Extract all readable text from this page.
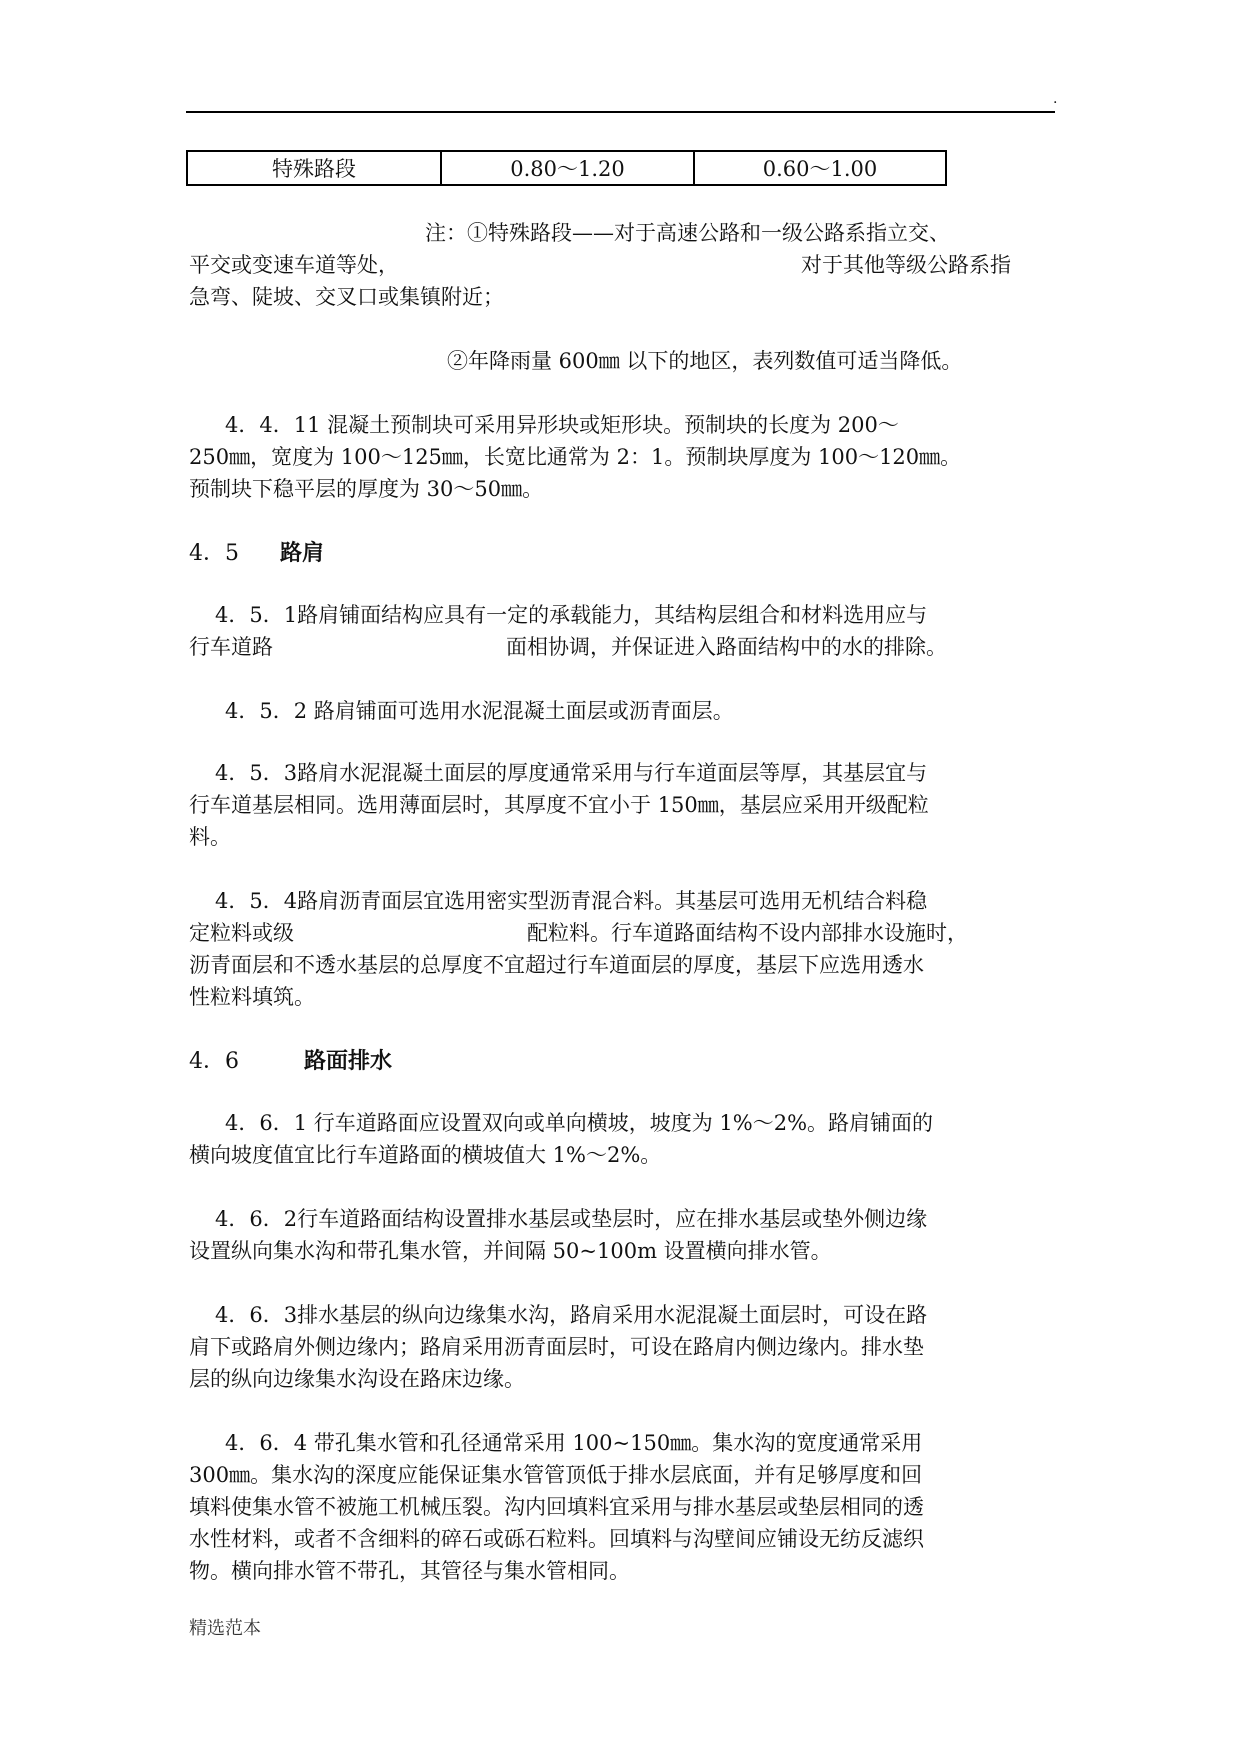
.
特殊路段	0.80～1.20	0.60～1.00
注：①特殊路段——对于高速公路和一级公路系指立交、
平交或变速车道等处，	对于其他等级公路系指
急弯、陡坡、交叉口或集镇附近；
②年降雨量 600㎜ 以下的地区，表列数值可适当降低。
4．4．11 混凝土预制块可采用异形块或矩形块。预制块的长度为 200～
250㎜，宽度为 100～125㎜，长宽比通常为 2：1。预制块厚度为 100～120㎜。
预制块下稳平层的厚度为 30～50㎜。
4．5 路肩
4．5．1路肩铺面结构应具有一定的承载能力，其结构层组合和材料选用应与
行车道路	面相协调，并保证进入路面结构中的水的排除。
4．5．2 路肩铺面可选用水泥混凝土面层或沥青面层。
4．5．3路肩水泥混凝土面层的厚度通常采用与行车道面层等厚，其基层宜与
行车道基层相同。选用薄面层时，其厚度不宜小于 150㎜，基层应采用开级配粒
料。
4．5．4路肩沥青面层宜选用密实型沥青混合料。其基层可选用无机结合料稳
定粒料或级	配粒料。行车道路面结构不设内部排水设施时，
沥青面层和不透水基层的总厚度不宜超过行车道面层的厚度，基层下应选用透水
性粒料填筑。
4．6	路面排水
4．6．1 行车道路面应设置双向或单向横坡，坡度为 1%～2%。路肩铺面的
横向坡度值宜比行车道路面的横坡值大 1%～2%。
4．6．2行车道路面结构设置排水基层或垫层时，应在排水基层或垫外侧边缘
设置纵向集水沟和带孔集水管，并间隔 50~100m 设置横向排水管。
4．6．3排水基层的纵向边缘集水沟，路肩采用水泥混凝土面层时，可设在路
肩下或路肩外侧边缘内；路肩采用沥青面层时，可设在路肩内侧边缘内。排水垫
层的纵向边缘集水沟设在路床边缘。
4．6．4 带孔集水管和孔径通常采用 100~150㎜。集水沟的宽度通常采用
300㎜。集水沟的深度应能保证集水管管顶低于排水层底面，并有足够厚度和回
填料使集水管不被施工机械压裂。沟内回填料宜采用与排水基层或垫层相同的透
水性材料，或者不含细料的碎石或砾石粒料。回填料与沟壁间应铺设无纺反滤织
物。横向排水管不带孔，其管径与集水管相同。
精选范本
